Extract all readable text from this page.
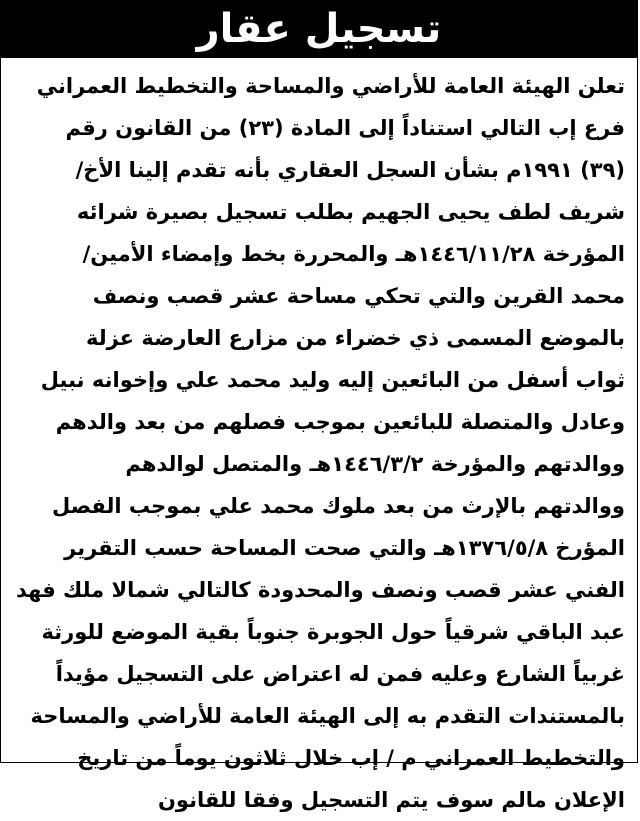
تسجيل عقار
تعلن الهيئة العامة للأراضي والمساحة والتخطيط العمراني
فرع إب التالي استناداً إلى المادة (٢٣) من القانون رقم
(٣٩) ١٩٩١م بشأن السجل العقاري بأنه تقدم إلينا الأخ/
شريف لطف يحيى الجهيم بطلب تسجيل بصيرة شرائه
المؤرخة ١٤٤٦/١١/٢٨هـ والمحررة بخط وإمضاء الأمين/
محمد القرين والتي تحكي مساحة عشر قصب ونصف
بالموضع المسمى ذي خضراء من مزارع العارضة عزلة
ثواب أسفل من البائعين إليه وليد محمد علي وإخوانه نبيل
وعادل والمتصلة للبائعين بموجب فصلهم من بعد والدهم
ووالدتهم والمؤرخة ١٤٤٦/٣/٢هـ والمتصل لوالدهم
ووالدتهم بالإرث من بعد ملوك محمد علي بموجب الفصل
المؤرخ ١٣٧٦/٥/٨هـ والتي صحت المساحة حسب التقرير
الفني عشر قصب ونصف والمحدودة كالتالي شمالا ملك فهد
عبد الباقي شرقياً حول الجوبرة جنوباً بقية الموضع للورثة
غربياً الشارع وعليه فمن له اعتراض على التسجيل مؤيداً
بالمستندات التقدم به إلى الهيئة العامة للأراضي والمساحة
والتخطيط العمراني م / إب خلال ثلاثون يوماً من تاريخ
الإعلان مالم سوف يتم التسجيل وفقا للقانون
